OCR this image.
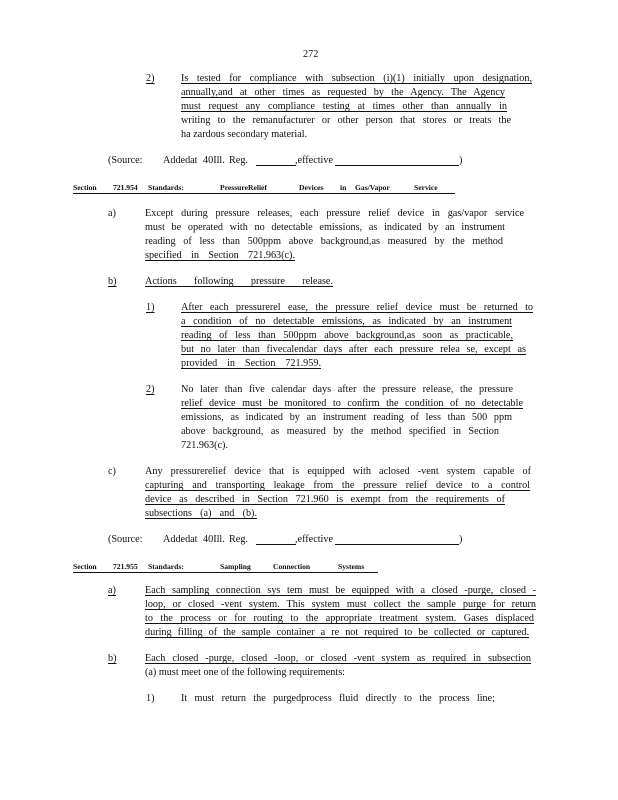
272
2)	Is tested for compliance with subsection (i)(1) initially upon designation,
annually,and at other times as requested by the Agency. The Agency
must request any compliance testing at times other than annually in
writing to the remanufacturer or other person that stores or treats the
ha zardous secondary material.
(Source: Addedat 40Ill. Reg.	,effective	)
Section 721.954 Standards:	PressureRelief	Devices in Gas/Vapor	Service
a)	Except during pressure releases, each pressure relief device in gas/vapor service
must be operated with no detectable emissions, as indicated by an instrument
reading of less than 500ppm above background,as measured by the method
specified in Section 721.963(c).
b)	Actions following pressure release.
1)	After each pressurerel ease, the pressure relief device must be returned to
a condition of no detectable emissions, as indicated by an instrument
reading of less than 500ppm above background,as soon as practicable,
but no later than fivecalendar days after each pressure relea se, except as
provided in Section 721.959.
2)	No later than five calendar days after the pressure release, the pressure
relief device must be monitored to confirm the condition of no detectable
emissions, as indicated by an instrument reading of less than 500 ppm
above background, as measured by the method specified in Section
721.963(c).
c)	Any pressurerelief device that is equipped with aclosed -vent system capable of
capturing and transporting leakage from the pressure relief device to a control
device as described in Section 721.960 is exempt from the requirements of
subsections (a) and (b).
(Source: Addedat 40Ill. Reg.	,effective	)
Section 721.955 Standards:	Sampling	Connection	Systems
a)	Each sampling connection sys tem must be equipped with a closed -purge, closed -
loop, or closed -vent system. This system must collect the sample purge for return
to the process or for routing to the appropriate treatment system. Gases displaced
during filling of the sample container a re not required to be collected or captured.
b)	Each closed -purge, closed -loop, or closed -vent system as required in subsection
(a) must meet one of the following requirements:
1)	It must return the purgedprocess fluid directly to the process line;
